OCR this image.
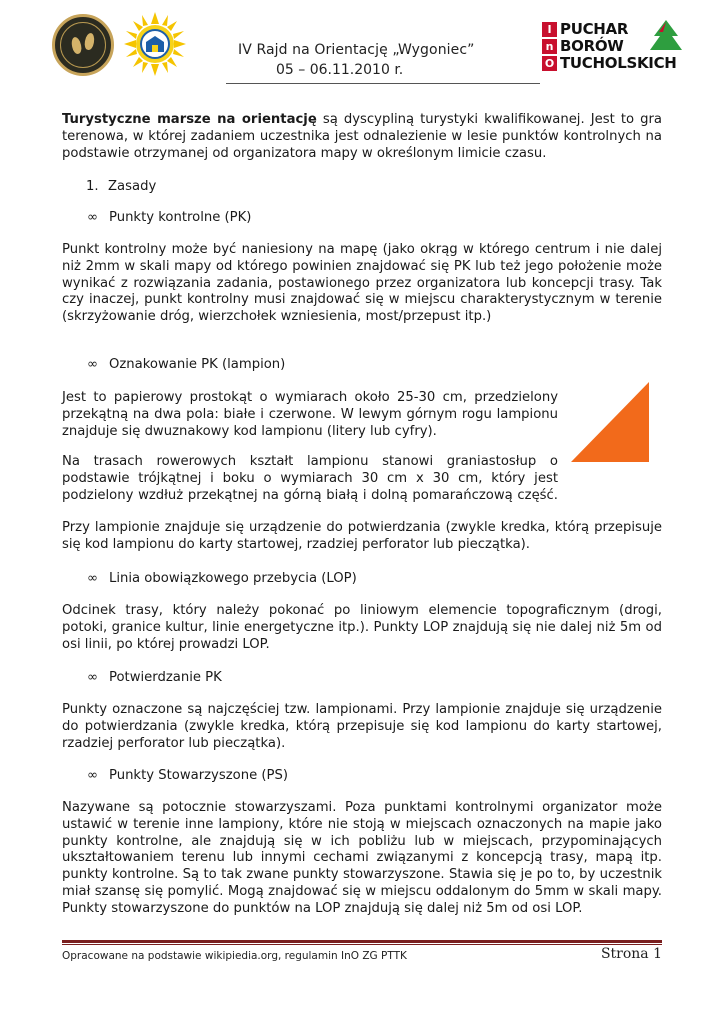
IV Rajd na Orientację „Wygoniec”
05 – 06.11.2010 r.
I
n
O
PUCHAR
BORÓW
TUCHOLSKICH

Turystyczne marsze na orientację są dyscypliną turystyki kwalifikowanej. Jest to gra terenowa, w której zadaniem uczestnika jest odnalezienie w lesie punktów kontrolnych na podstawie otrzymanej od organizatora mapy w określonym limicie czasu.

1. Zasady
∞ Punkty kontrolne (PK)

Punkt kontrolny może być naniesiony na mapę (jako okrąg w którego centrum i nie dalej niż 2mm w skali mapy od którego powinien znajdować się PK lub też jego położenie może wynikać z rozwiązania zadania, postawionego przez organizatora lub koncepcji trasy. Tak czy inaczej, punkt kontrolny musi znajdować się w miejscu charakterystycznym w terenie (skrzyżowanie dróg, wierzchołek wzniesienia, most/przepust itp.)

∞ Oznakowanie PK (lampion)

Jest to papierowy prostokąt o wymiarach około 25-30 cm, przedzielony przekątną na dwa pola: białe i czerwone. W lewym górnym rogu lampionu znajduje się dwuznakowy kod lampionu (litery lub cyfry).

Na trasach rowerowych kształt lampionu stanowi graniastosłup o podstawie trójkątnej i boku o wymiarach 30 cm x 30 cm, który jest podzielony wzdłuż przekątnej na górną białą i dolną pomarańczową część.

Przy lampionie znajduje się urządzenie do potwierdzania (zwykle kredka, którą przepisuje się kod lampionu do karty startowej, rzadziej perforator lub pieczątka).

∞ Linia obowiązkowego przebycia (LOP)

Odcinek trasy, który należy pokonać po liniowym elemencie topograficznym (drogi, potoki, granice kultur, linie energetyczne itp.). Punkty LOP znajdują się nie dalej niż 5m od osi linii, po której prowadzi LOP.

∞ Potwierdzanie PK

Punkty oznaczone są najczęściej tzw. lampionami. Przy lampionie znajduje się urządzenie do potwierdzania (zwykle kredka, którą przepisuje się kod lampionu do karty startowej, rzadziej perforator lub pieczątka).

∞ Punkty Stowarzyszone (PS)

Nazywane są potocznie stowarzyszami. Poza punktami kontrolnymi organizator może ustawić w terenie inne lampiony, które nie stoją w miejscach oznaczonych na mapie jako punkty kontrolne, ale znajdują się w ich pobliżu lub w miejscach, przypominających ukształtowaniem terenu lub innymi cechami związanymi z koncepcją trasy, mapą itp. punkty kontrolne. Są to tak zwane punkty stowarzyszone. Stawia się je po to, by uczestnik miał szansę się pomylić. Mogą znajdować się w miejscu oddalonym do 5mm w skali mapy. Punkty stowarzyszone do punktów na LOP znajdują się dalej niż 5m od osi LOP.

Opracowane na podstawie wikipiedia.org, regulamin InO ZG PTTK	Strona 1
